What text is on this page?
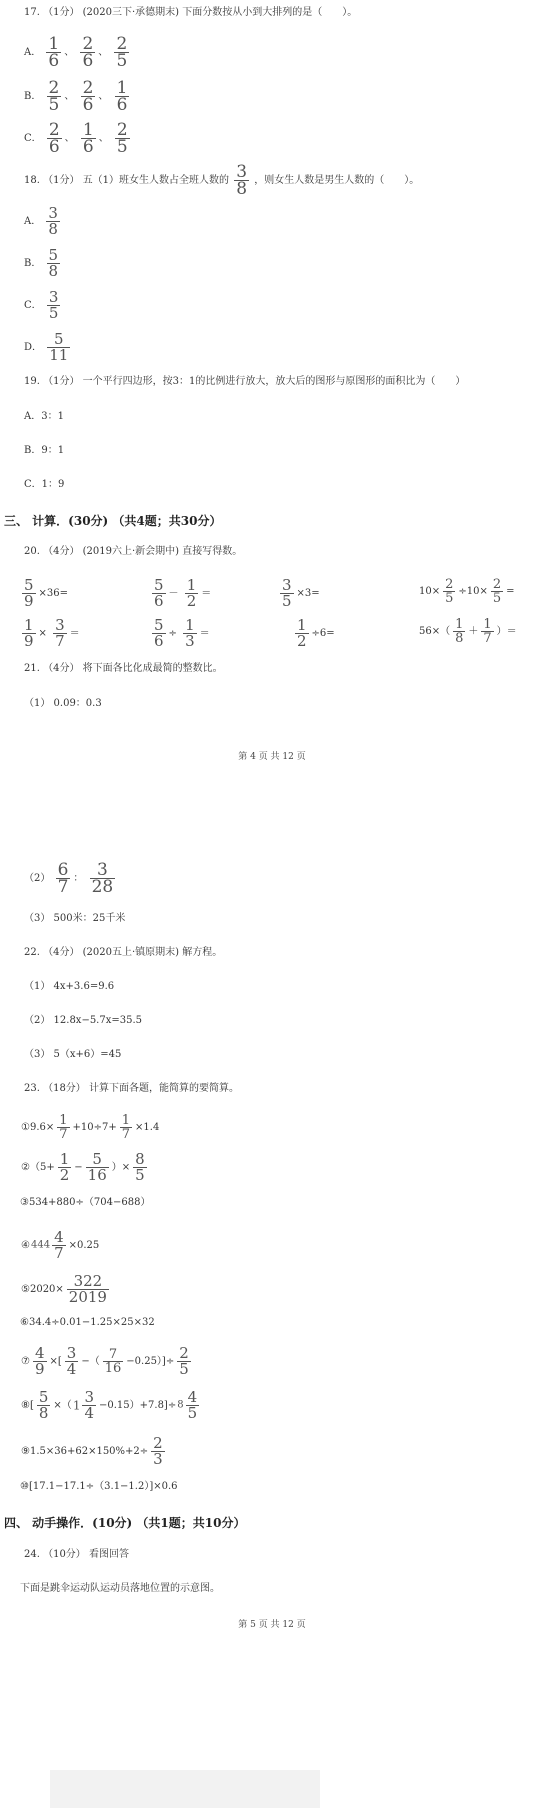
17. （1分） (2020三下·承德期末) 下面分数按从小到大排列的是（　　）。
A． $\frac{1}{6}$ 、 $\frac{2}{6}$ 、 $\frac{2}{5}$
B． $\frac{2}{5}$ 、 $\frac{2}{6}$ 、 $\frac{1}{6}$
C． $\frac{2}{6}$ 、 $\frac{1}{6}$ 、 $\frac{2}{5}$
18. （1分） 五（1）班女生人数占全班人数的 $\frac{3}{8}$ ，则女生人数是男生人数的（　　）。
A． $\frac{3}{8}$
B． $\frac{5}{8}$
C． $\frac{3}{5}$
D． $\frac{5}{11}$
19. （1分） 一个平行四边形，按3：1的比例进行放大，放大后的图形与原图形的面积比为（　　）
A．3：1
B．9：1
C．1：9
三、 计算．(30分) （共4题；共30分）
20. （4分） (2019六上·新会期中) 直接写得数。
$\frac{5}{9} \times 36=$	$\frac{5}{6} - \frac{1}{2}$ ＝	$\frac{3}{5} \times 3=$	$10\times \frac{2}{5} \div 10\times \frac{2}{5}$ =
$\frac{1}{9} \times \frac{3}{7}$ ＝	$\frac{5}{6} \div \frac{1}{3}$ ＝	$\frac{1}{2} \div 6=$	$56\times( \frac{1}{8} + \frac{1}{7}$ ）＝
21. （4分） 将下面各比化成最简的整数比。
（1） 0.09：0.3
第 4 页 共 12 页
$(2) \frac{6}{7}$ ： $\frac{3}{28}$
（3） 500米：25千米
22. （4分） (2020五上·镇原期末) 解方程。
（1） 4x+3.6=9.6
（2） 12.8x−5.7x=35.5
（3） 5（x+6）=45
23. （18分） 计算下面各题，能简算的要简算。
①9.6× $\frac{1}{7} +10\div 7+ \frac{1}{7} \times 1.4$
②（5+ $\frac{1}{2} - \frac{5}{16}$ ）× $\frac{8}{5}$
③534+880÷（704−688）
④444 $\frac{4}{7} \times 0.25$
⑤2020× $\frac{322}{2019}$
⑥34.4÷0.01−1.25×25×32
⑦ $\frac{4}{9}$ ×[ $\frac{3}{4}$ −（ $\frac{7}{16} -0.25)]\div \frac{2}{5}$
⑧[ $\frac{5}{8} \times(1 \frac{3}{4} -0.15)+7.8]\div 8 \frac{4}{5}$
⑨1.5×36+62×150%+2÷ $\frac{2}{3}$
⑩[17.1−17.1÷（3.1−1.2）]×0.6
四、 动手操作．(10分) （共1题；共10分）
24. （10分） 看图回答
下面是跳伞运动队运动员落地位置的示意图。
第 5 页 共 12 页
